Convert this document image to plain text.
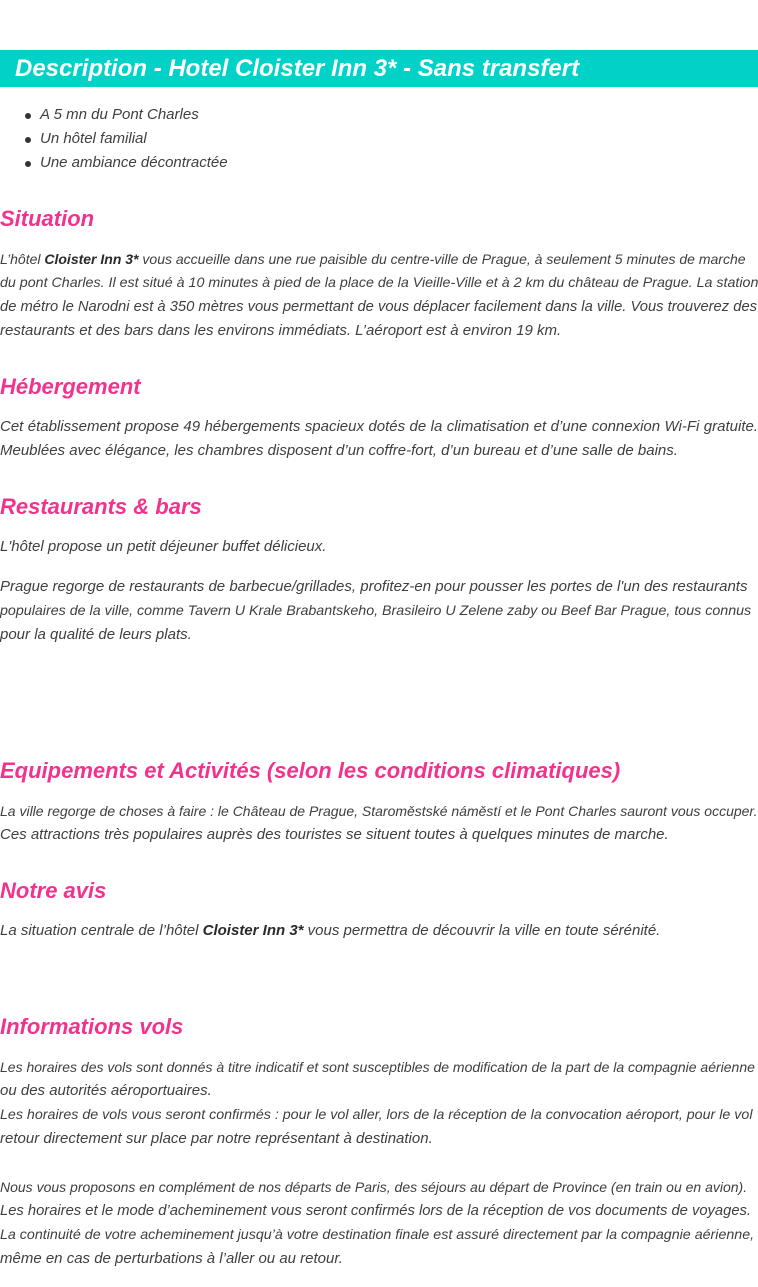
Description - Hotel Cloister Inn 3* - Sans transfert
A 5 mn du Pont Charles
Un hôtel familial
Une ambiance décontractée
Situation
L’hôtel Cloister Inn 3* vous accueille dans une rue paisible du centre-ville de Prague, à seulement 5 minutes de marche
du pont Charles. Il est situé à 10 minutes à pied de la place de la Vieille-Ville et à 2 km du château de Prague. La station
de métro le Narodni est à 350 mètres vous permettant de vous déplacer facilement dans la ville. Vous trouverez des
restaurants et des bars dans les environs immédiats. L’aéroport est à environ 19 km.
Hébergement
Cet établissement propose 49 hébergements spacieux dotés de la climatisation et d’une connexion Wi-Fi gratuite.
Meublées avec élégance, les chambres disposent d’un coffre-fort, d’un bureau et d’une salle de bains.
Restaurants & bars
L'hôtel propose un petit déjeuner buffet délicieux.
Prague regorge de restaurants de barbecue/grillades, profitez-en pour pousser les portes de l'un des restaurants
populaires de la ville, comme Tavern U Krale Brabantskeho, Brasileiro U Zelene zaby ou Beef Bar Prague, tous connus
pour la qualité de leurs plats.
Equipements et Activités (selon les conditions climatiques)
La ville regorge de choses à faire : le Château de Prague, Staroměstské náměstí et le Pont Charles sauront vous occuper.
Ces attractions très populaires auprès des touristes se situent toutes à quelques minutes de marche.
Notre avis
La situation centrale de l’hôtel Cloister Inn 3* vous permettra de découvrir la ville en toute sérénité.
Informations vols
Les horaires des vols sont donnés à titre indicatif et sont susceptibles de modification de la part de la compagnie aérienne
ou des autorités aéroportuaires.
Les horaires de vols vous seront confirmés : pour le vol aller, lors de la réception de la convocation aéroport, pour le vol
retour directement sur place par notre représentant à destination.
Nous vous proposons en complément de nos départs de Paris, des séjours au départ de Province (en train ou en avion).
Les horaires et le mode d’acheminement vous seront confirmés lors de la réception de vos documents de voyages.
La continuité de votre acheminement jusqu’à votre destination finale est assuré directement par la compagnie aérienne,
même en cas de perturbations à l’aller ou au retour.
